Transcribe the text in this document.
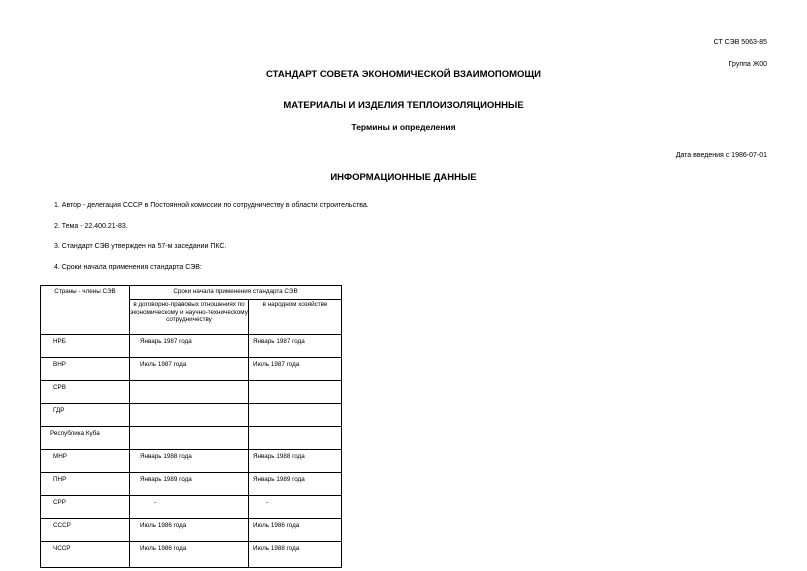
СТ СЭВ 5063-85
Группа Ж00
СТАНДАРТ СОВЕТА ЭКОНОМИЧЕСКОЙ ВЗАИМОПОМОЩИ
МАТЕРИАЛЫ И ИЗДЕЛИЯ ТЕПЛОИЗОЛЯЦИОННЫЕ
Термины и определения
Дата введения с 1986-07-01
ИНФОРМАЦИОННЫЕ ДАННЫЕ
1. Автор - делегация СССР в Постоянной комиссии по сотрудничеству в области строительства.
2. Тема - 22.400.21-83.
3. Стандарт СЭВ утвержден на 57-м заседании ПКС.
4. Сроки начала применения стандарта СЭВ:
Страны - члены СЭВ	Сроки начала применения стандарта СЭВ	
	в договорно-правовых отношениях по экономическому и научно-техническому сотрудничеству	в народном хозяйстве
НРБ	Январь 1987 года	Январь 1987 года
ВНР	Июль 1987 года	Июль 1987 года
СРВ		
ГДР		
Республика Куба		
МНР	Январь 1988 года	Январь 1988 года
ПНР	Январь 1989 года	Январь 1989 года
СРР	-	-
СССР	Июль 1986 года	Июль 1986 года
ЧССР	Июль 1986 года	Июль 1988 года
